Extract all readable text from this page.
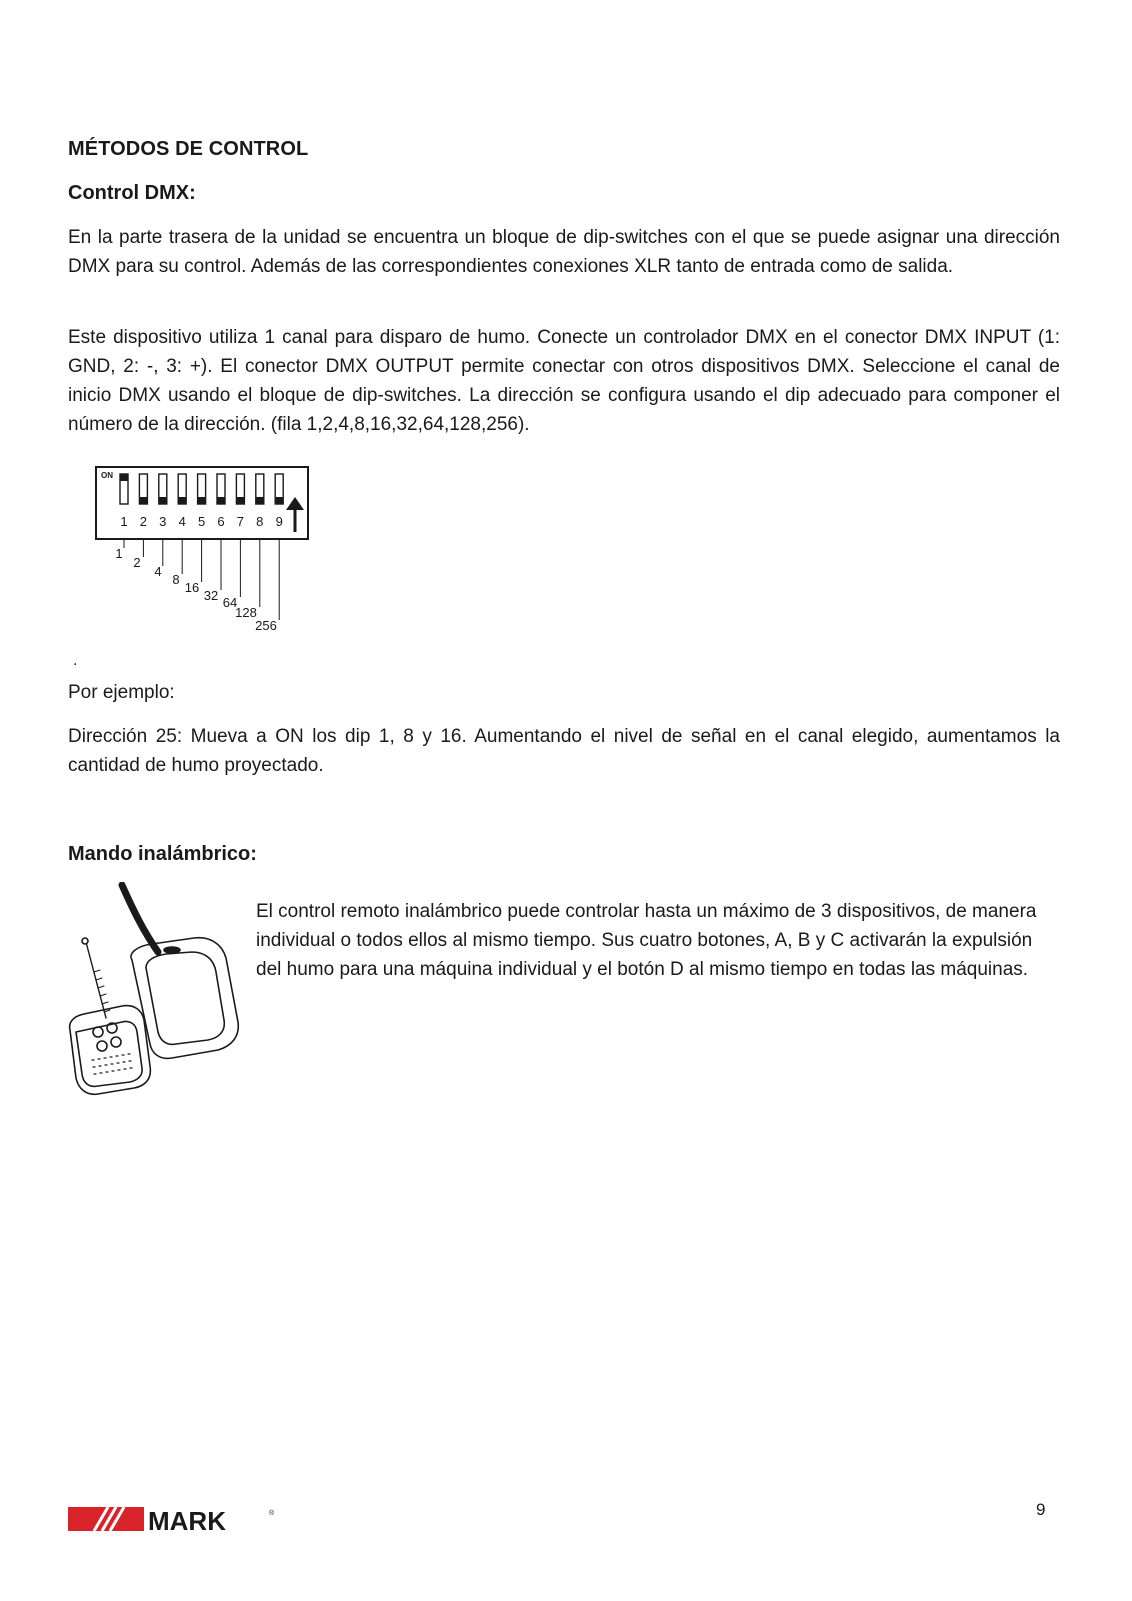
MÉTODOS DE CONTROL
Control DMX:
En la parte trasera de la unidad se encuentra un bloque de dip-switches con el que se puede asignar una dirección DMX para su control. Además de las correspondientes conexiones XLR tanto de entrada como de salida.
Este dispositivo utiliza 1 canal para disparo de humo. Conecte un controlador DMX en el conector DMX INPUT (1: GND, 2: -, 3: +). El conector DMX OUTPUT permite conectar con otros dispositivos DMX. Seleccione el canal de inicio DMX usando el bloque de dip-switches. La dirección se configura usando el dip adecuado para componer el número de la dirección. (fila 1,2,4,8,16,32,64,128,256).
ON
1 2 3 4 5 6 7 8 9
1
2
4
8
16
32 64
128
256
.
Por ejemplo:
Dirección 25: Mueva a ON los dip 1, 8 y 16. Aumentando el nivel de señal en el canal elegido, aumentamos la cantidad de humo proyectado.
Mando inalámbrico:
El control remoto inalámbrico puede controlar hasta un máximo de 3 dispositivos, de manera individual o todos ellos al mismo tiempo. Sus cuatro botones, A, B y C activarán la expulsión del humo para una máquina individual y el botón D al mismo tiempo en todas las máquinas.
MARK	®	9
